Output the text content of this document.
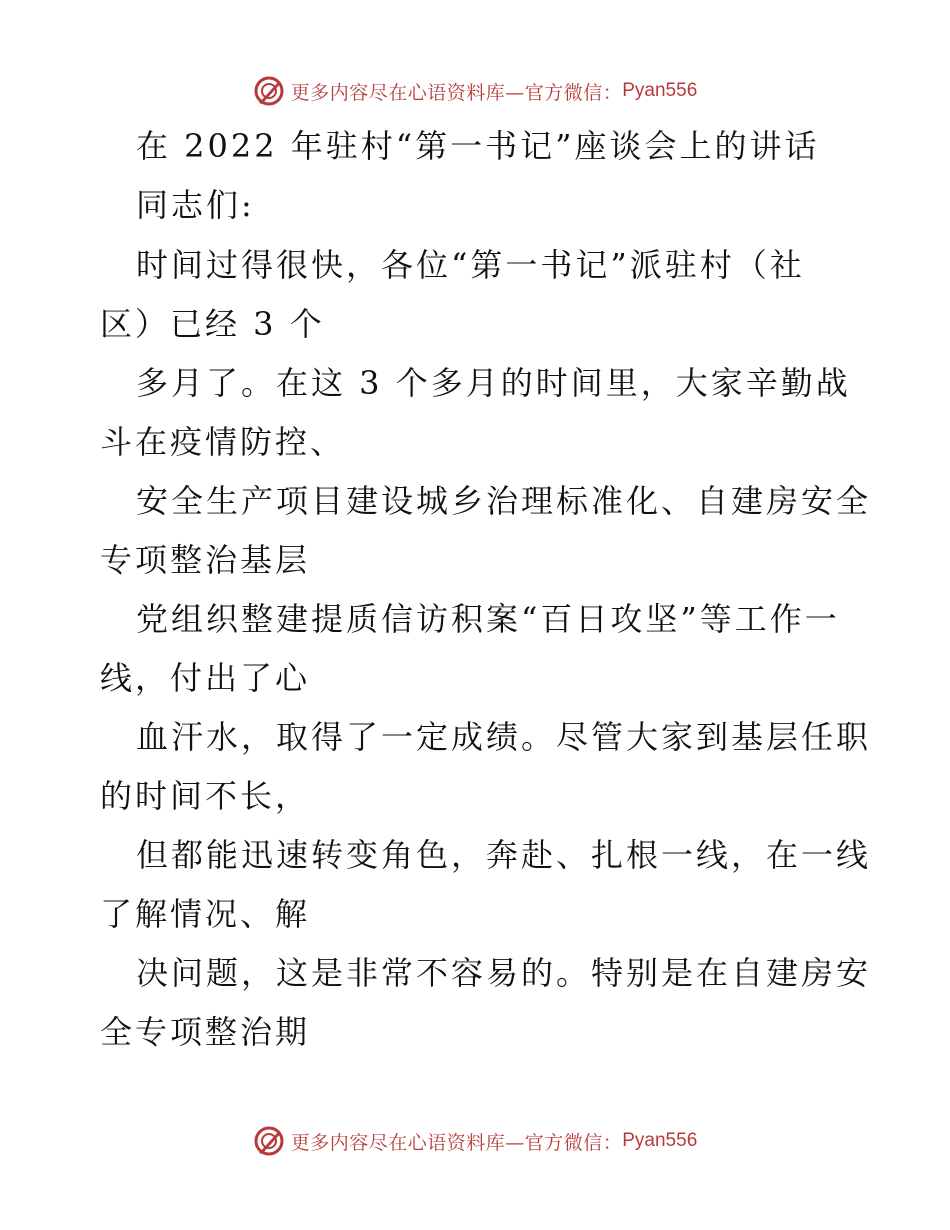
更多内容尽在心语资料库—官方微信： Pyan556
在 2022 年驻村“第一书记”座谈会上的讲话
同志们:
时间过得很快，各位“第一书记”派驻村（社
区）已经 3 个
多月了。在这 3 个多月的时间里，大家辛勤战
斗在疫情防控、
安全生产项目建设城乡治理标准化、自建房安全
专项整治基层
党组织整建提质信访积案“百日攻坚”等工作一
线，付出了心
血汗水，取得了一定成绩。尽管大家到基层任职
的时间不长，
但都能迅速转变角色，奔赴、扎根一线，在一线
了解情况、解
决问题，这是非常不容易的。特别是在自建房安
全专项整治期
更多内容尽在心语资料库—官方微信： Pyan556
